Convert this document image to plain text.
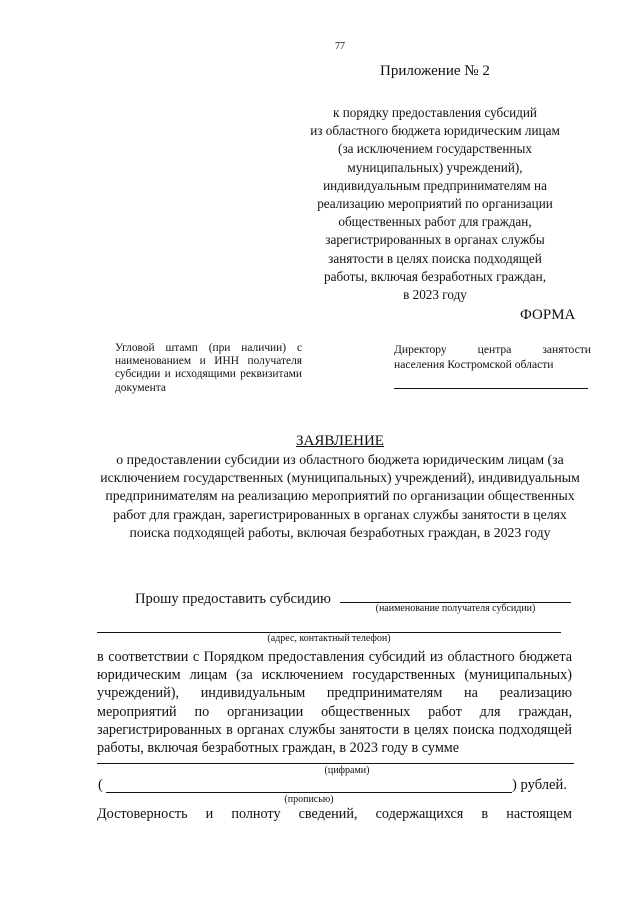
77
Приложение № 2
к порядку предоставления субсидий
из областного бюджета юридическим лицам
(за исключением государственных
муниципальных) учреждений),
индивидуальным предпринимателям на
реализацию мероприятий по организации
общественных работ для граждан,
зарегистрированных в органах службы
занятости в целях поиска подходящей
работы, включая безработных граждан,
в 2023 году
ФОРМА
Угловой штамп (при наличии) с наименованием и ИНН получателя субсидии и исходящими реквизитами документа
Директору центра занятости
населения Костромской области
ЗАЯВЛЕНИЕ
о предоставлении субсидии из областного бюджета юридическим лицам (за исключением государственных (муниципальных) учреждений), индивидуальным предпринимателям на реализацию мероприятий по организации общественных работ для граждан, зарегистрированных в органах службы занятости в целях поиска подходящей работы, включая безработных граждан, в 2023 году
Прошу предоставить субсидию
(наименование получателя субсидии)
(адрес, контактный телефон)
в соответствии с Порядком предоставления субсидий из областного бюджета юридическим лицам (за исключением государственных (муниципальных) учреждений), индивидуальным предпринимателям на реализацию мероприятий по организации общественных работ для граждан, зарегистрированных в органах службы занятости в целях поиска подходящей работы, включая безработных граждан, в 2023 году в сумме
(цифрами)
(	) рублей.
(прописью)
Достоверность и полноту сведений, содержащихся в настоящем
